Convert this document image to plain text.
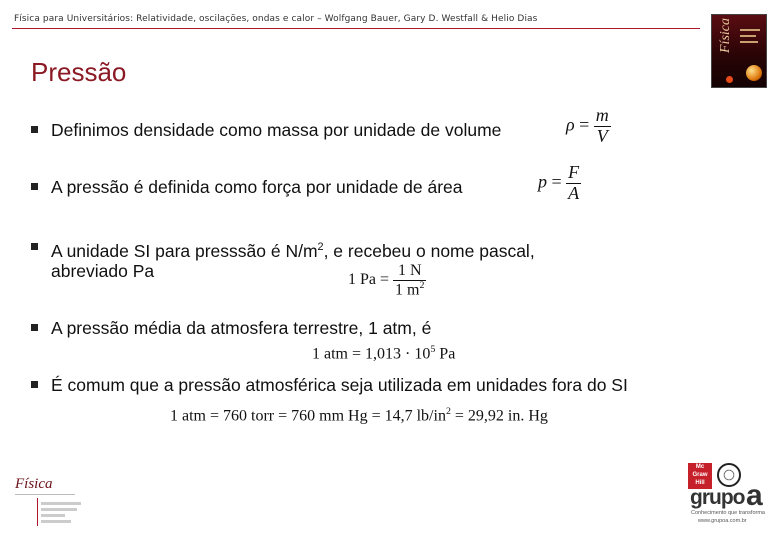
Física para Universitários: Relatividade, oscilações, ondas e calor – Wolfgang Bauer, Gary D. Westfall & Helio Dias	Física
Pressão
Definimos densidade como massa por unidade de volume	$\rho = \frac{m}{V}$
A pressão é definida como força por unidade de área	$p = \frac{F}{A}$
A unidade SI para presssão é $N/m^2$, e recebeu o nome pascal,
abreviado Pa	1 $Pa = \frac{1 N}{1 m^2}$
A pressão média da atmosfera terrestre, 1 atm, é
1 atm = $1,013 \cdot 10^5$ Pa
É comum que a pressão atmosférica seja utilizada em unidades fora do SI
1 atm = 760 torr = 760 mm Hg = 14,7 $lb/in^2 = 29,92$ in. Hg
Física
Mc Graw Hill
grupo a
Conhecimento que transforma
www.grupoa.com.br
